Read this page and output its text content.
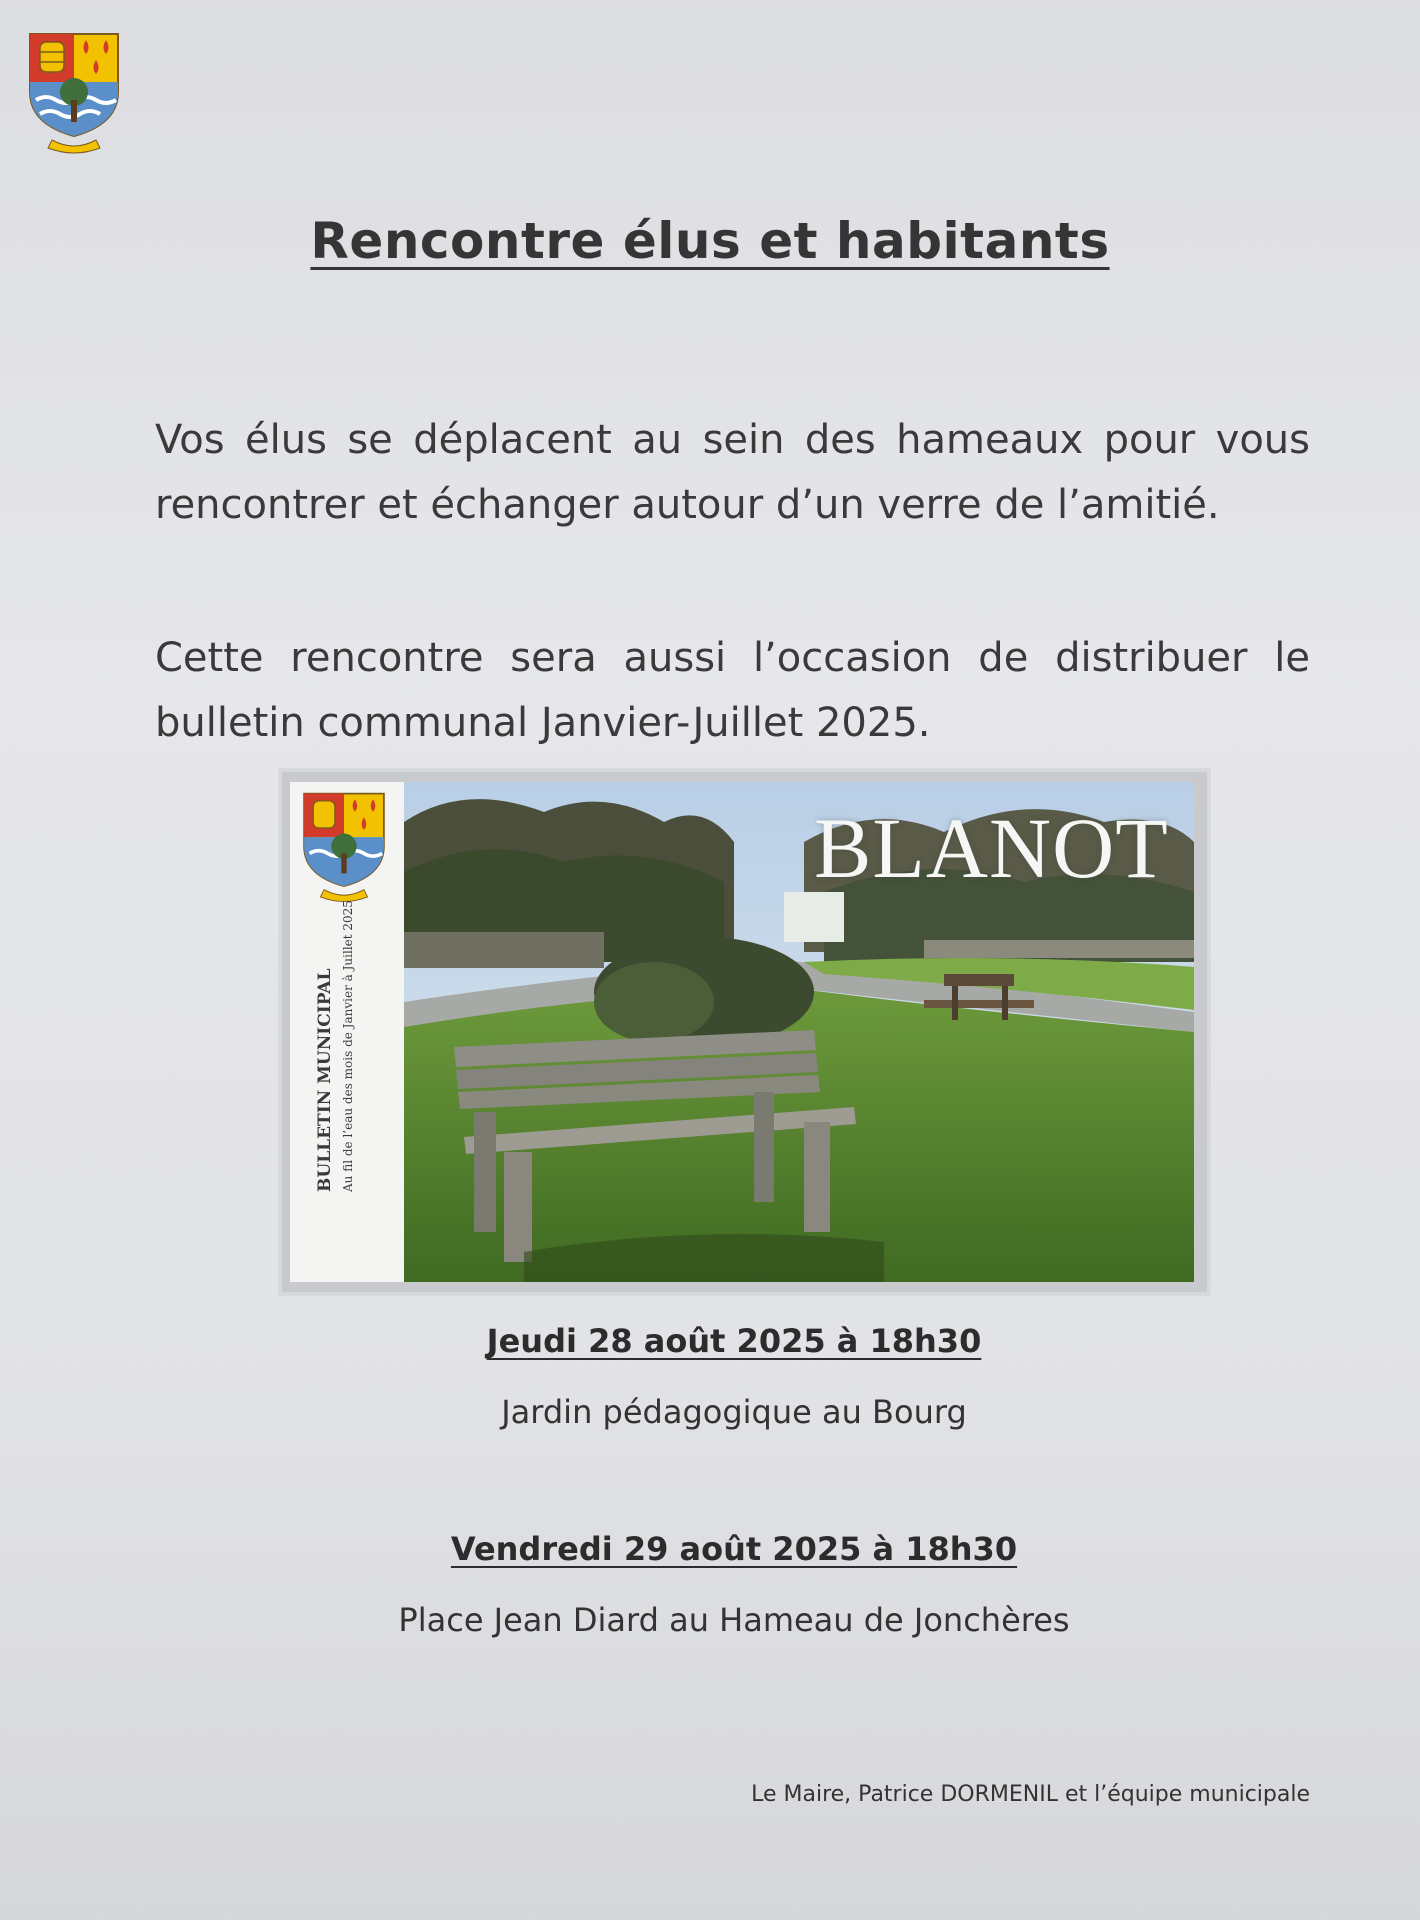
Rencontre élus et habitants
Vos élus se déplacent au sein des hameaux pour vous rencontrer et échanger autour d’un verre de l’amitié.
Cette rencontre sera aussi l’occasion de distribuer le bulletin communal Janvier-Juillet 2025.
BULLETIN MUNICIPAL Au fil de l’eau des mois de Janvier à Juillet 2025
BLANOT
Jeudi 28 août 2025 à 18h30
Jardin pédagogique au Bourg
Vendredi 29 août 2025 à 18h30
Place Jean Diard au Hameau de Jonchères
Le Maire, Patrice DORMENIL et l’équipe municipale
